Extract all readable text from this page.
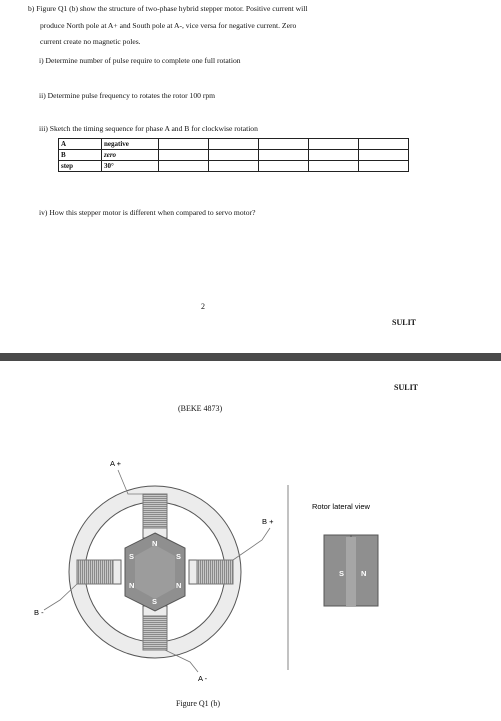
b) Figure Q1 (b) show the structure of two-phase hybrid stepper motor. Positive current will
produce North pole at A+ and South pole at A-, vice versa for negative current. Zero
current create no magnetic poles.
i) Determine number of pulse require to complete one full rotation
ii) Determine pulse frequency to rotates the rotor 100 rpm
iii) Sketch the timing sequence for phase A and B for clockwise rotation
A	negative					
B	zero					
step	30°					
iv) How this stepper motor is different when compared to servo motor?
2
SULIT
SULIT
(BEKE 4873)
N
S	S
N	N
S
A +
A -
B +
B -
Rotor lateral view
S N
Figure Q1 (b)
